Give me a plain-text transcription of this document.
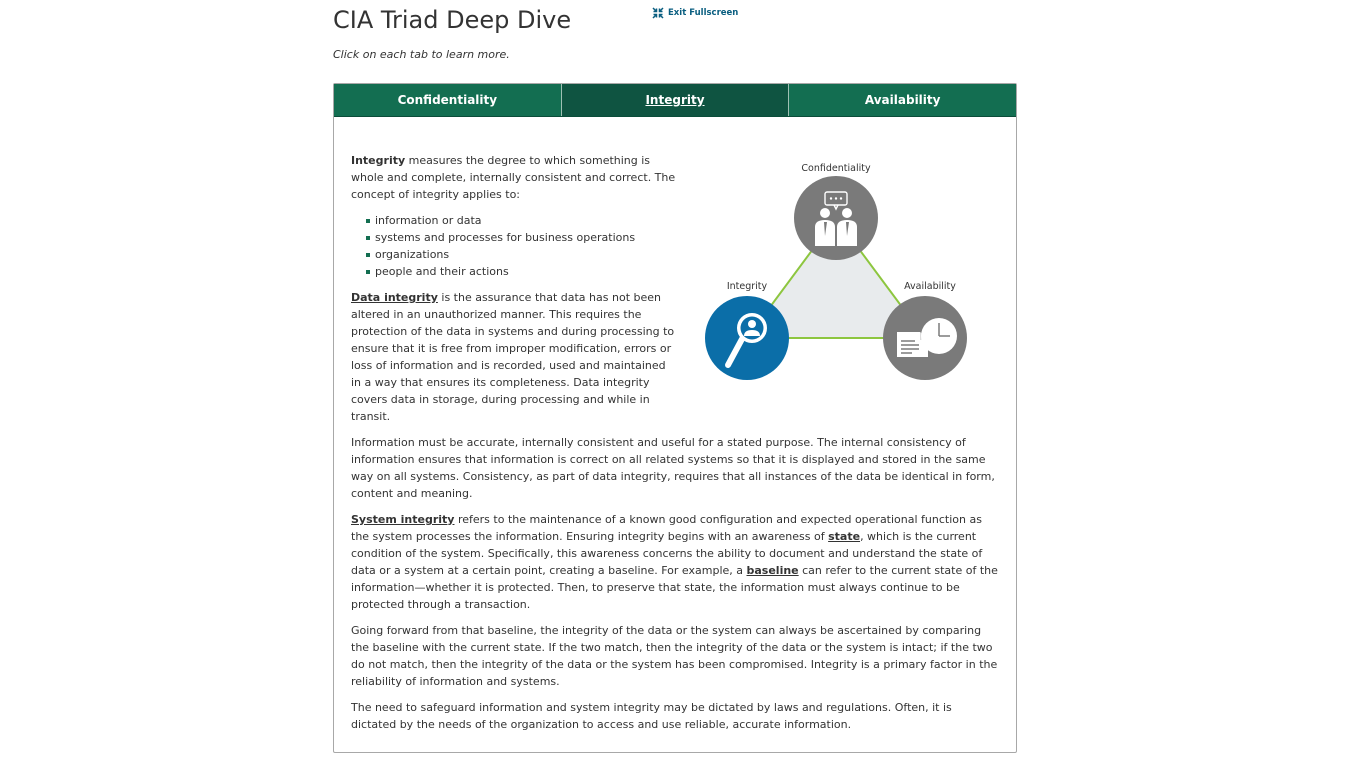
CIA Triad Deep Dive	Exit Fullscreen

Click on each tab to learn more.

Confidentiality	Integrity	Availability

Integrity measures the degree to which something is whole and complete, internally consistent and correct. The concept of integrity applies to:

information or data
systems and processes for business operations
organizations
people and their actions

Data integrity is the assurance that data has not been altered in an unauthorized manner. This requires the protection of the data in systems and during processing to ensure that it is free from improper modification, errors or loss of information and is recorded, used and maintained in a way that ensures its completeness. Data integrity covers data in storage, during processing and while in transit.

Information must be accurate, internally consistent and useful for a stated purpose. The internal consistency of information ensures that information is correct on all related systems so that it is displayed and stored in the same way on all systems. Consistency, as part of data integrity, requires that all instances of the data be identical in form, content and meaning.

System integrity refers to the maintenance of a known good configuration and expected operational function as the system processes the information. Ensuring integrity begins with an awareness of state, which is the current condition of the system. Specifically, this awareness concerns the ability to document and understand the state of data or a system at a certain point, creating a baseline. For example, a baseline can refer to the current state of the information—whether it is protected. Then, to preserve that state, the information must always continue to be protected through a transaction.

Going forward from that baseline, the integrity of the data or the system can always be ascertained by comparing the baseline with the current state. If the two match, then the integrity of the data or the system is intact; if the two do not match, then the integrity of the data or the system has been compromised. Integrity is a primary factor in the reliability of information and systems.

The need to safeguard information and system integrity may be dictated by laws and regulations. Often, it is dictated by the needs of the organization to access and use reliable, accurate information.

Confidentiality
Integrity	Availability
